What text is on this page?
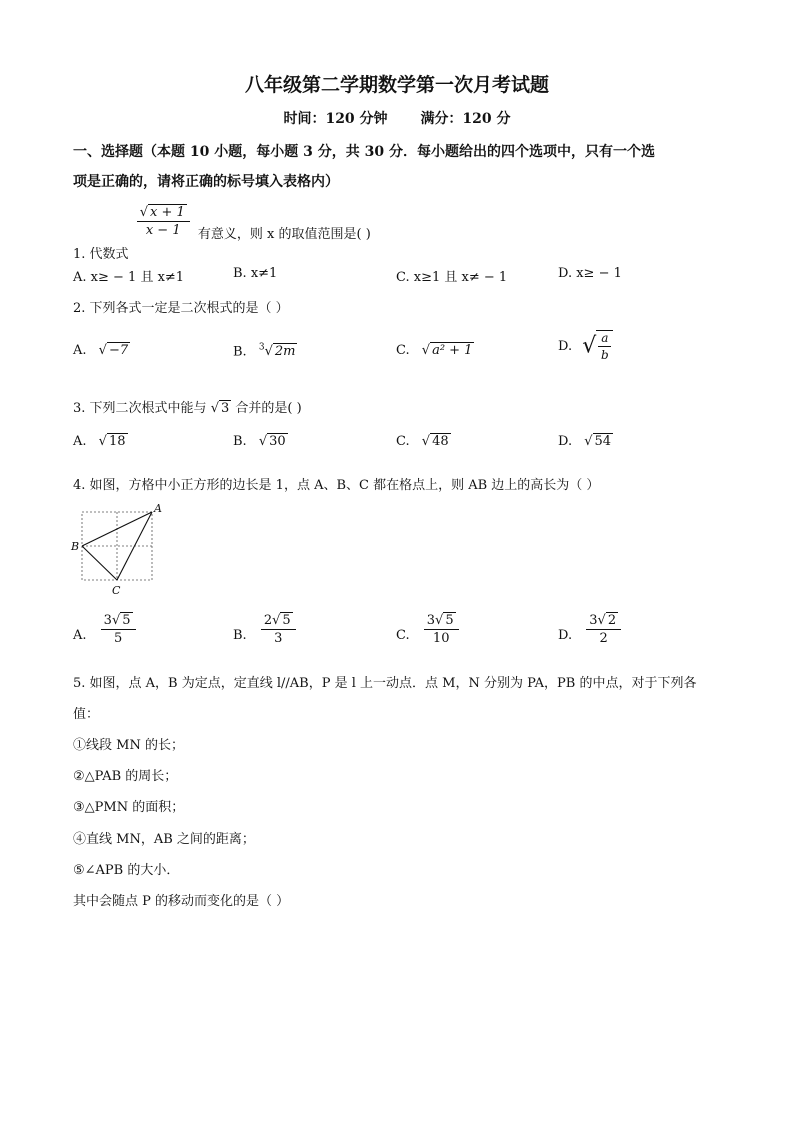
八年级第二学期数学第一次月考试题
时间：120 分钟 满分：120 分
一、选择题（本题 10 小题，每小题 3 分，共 30 分．每小题给出的四个选项中，只有一个选
项是正确的，请将正确的标号填入表格内）
1. 代数式
$\frac{√ x + 1}{x - 1}$ 有意义，则 x 的取值范围是( )
A. x≥ − 1 且 x≠1	B. x≠1	C. x≥1 且 x≠ − 1	D. x≥ − 1
2. 下列各式一定是二次根式的是（ ）
A. √ −7	B. $^3$√ 2m	C. √ a² + 1	D. √ $\frac{a}{b}$
3. 下列二次根式中能与 √ 3 合并的是( )
A. √ 18	B. √ 30	C. √ 48	D. √ 54
4. 如图，方格中小正方形的边长是 1，点 A、B、C 都在格点上，则 AB 边上的高长为（ ）
A
B
C
A. $\frac{3√ 5}{5}$	B. $\frac{2√ 5}{3}$	C. $\frac{3√ 5}{10}$	D. $\frac{3√ 2}{2}$
5. 如图，点 A，B 为定点，定直线 l//AB，P 是 l 上一动点．点 M，N 分别为 PA，PB 的中点，对于下列各
值：
①线段 MN 的长；
②△PAB 的周长；
③△PMN 的面积；
④直线 MN，AB 之间的距离；
⑤∠APB 的大小．
其中会随点 P 的移动而变化的是（ ）
